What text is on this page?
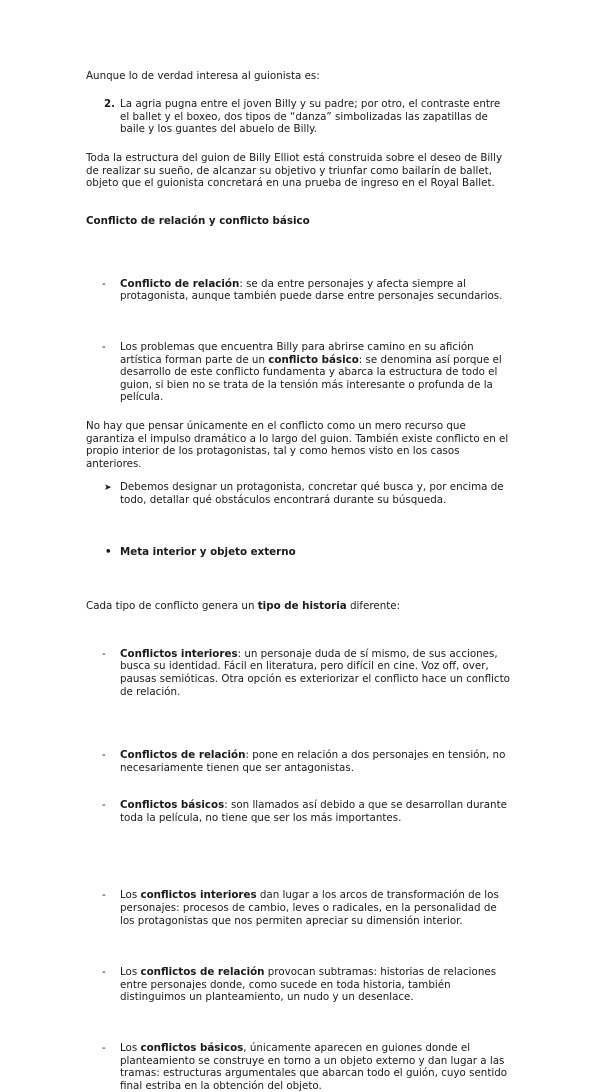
Aunque lo de verdad interesa al guionista es:
2. La agria pugna entre el joven Billy y su padre; por otro, el contraste entre el ballet y el boxeo, dos tipos de “danza” simbolizadas las zapatillas de baile y los guantes del abuelo de Billy.
Toda la estructura del guion de Billy Elliot está construida sobre el deseo de Billy de realizar su sueño, de alcanzar su objetivo y triunfar como bailarín de ballet, objeto que el guionista concretará en una prueba de ingreso en el Royal Ballet.
Conflicto de relación y conflicto básico
- Conflicto de relación: se da entre personajes y afecta siempre al protagonista, aunque también puede darse entre personajes secundarios.
- Los problemas que encuentra Billy para abrirse camino en su afición artística forman parte de un conflicto básico: se denomina así porque el desarrollo de este conflicto fundamenta y abarca la estructura de todo el guion, si bien no se trata de la tensión más interesante o profunda de la película.
➤ Debemos designar un protagonista, concretar qué busca y, por encima de todo, detallar qué obstáculos encontrará durante su búsqueda.
• Meta interior y objeto externo
No hay que pensar únicamente en el conflicto como un mero recurso que garantiza el impulso dramático a lo largo del guion. También existe conflicto en el propio interior de los protagonistas, tal y como hemos visto en los casos anteriores.
- Conflictos interiores: un personaje duda de sí mismo, de sus acciones, busca su identidad. Fácil en literatura, pero difícil en cine. Voz off, over, pausas semióticas. Otra opción es exteriorizar el conflicto hace un conflicto de relación.
- Conflictos de relación: pone en relación a dos personajes en tensión, no necesariamente tienen que ser antagonistas.
- Conflictos básicos: son llamados así debido a que se desarrollan durante toda la película, no tiene que ser los más importantes.
Cada tipo de conflicto genera un tipo de historia diferente:
- Los conflictos interiores dan lugar a los arcos de transformación de los personajes: procesos de cambio, leves o radicales, en la personalidad de los protagonistas que nos permiten apreciar su dimensión interior.
- Los conflictos de relación provocan subtramas: historias de relaciones entre personajes donde, como sucede en toda historia, también distinguimos un planteamiento, un nudo y un desenlace.
- Los conflictos básicos, únicamente aparecen en guiones donde el planteamiento se construye en torno a un objeto externo y dan lugar a las tramas: estructuras argumentales que abarcan todo el guión, cuyo sentido final estriba en la obtención del objeto.
